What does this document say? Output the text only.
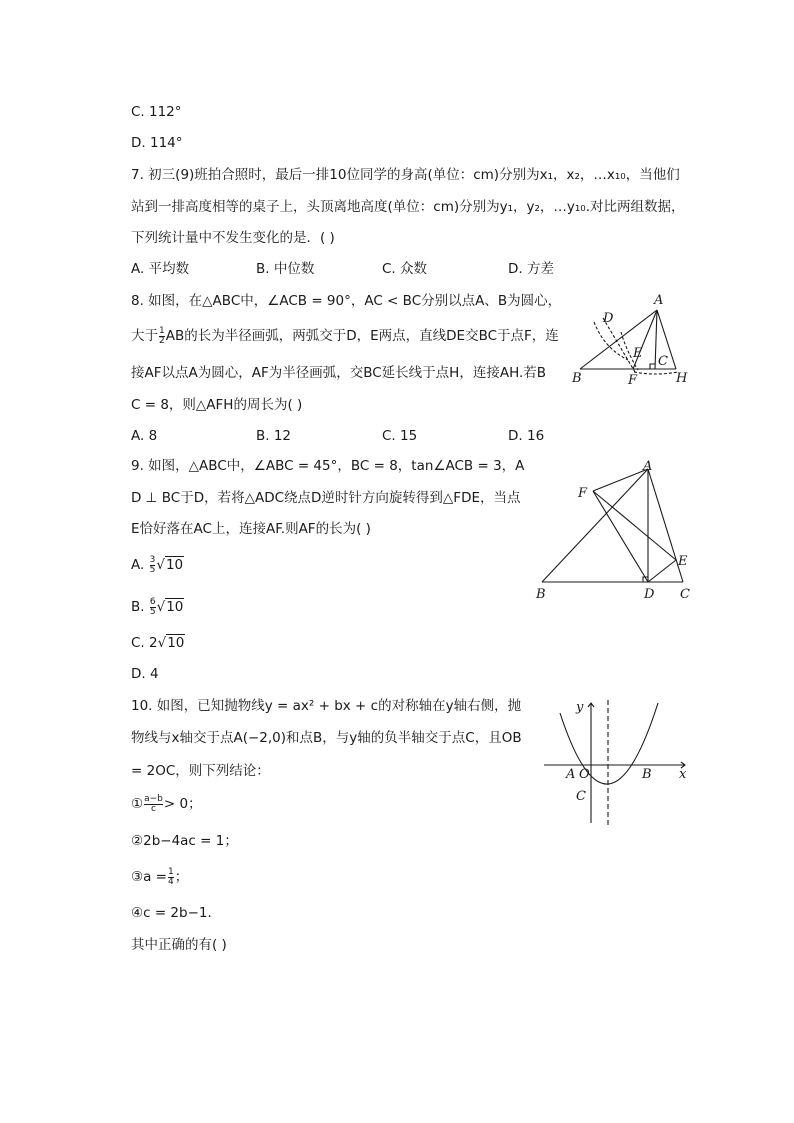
C. 112°
D. 114°
7. 初三(9)班拍合照时，最后一排10位同学的身高(单位：cm)分别为x₁，x₂，…x₁₀，当他们
站到一排高度相等的桌子上，头顶离地高度(单位：cm)分别为y₁，y₂，…y₁₀.对比两组数据，
下列统计量中不发生变化的是．( )
A. 平均数	B. 中位数	C. 众数	D. 方差
8. 如图，在△ABC中，∠ACB = 90°，AC < BC分别以点A、B为圆心，
大于 $\frac{1}{2}$ AB的长为半径画弧，两弧交于D，E两点，直线DE交BC于点F，连
接AF以点A为圆心，AF为半径画弧，交BC延长线于点H，连接AH.若B
C = 8，则△AFH的周长为( )
A. 8	B. 12	C. 15	D. 16
A
D
E
C
B	F	H
9. 如图，△ABC中，∠ABC = 45°，BC = 8，tan∠ACB = 3，A
D ⊥ BC于D，若将△ADC绕点D逆时针方向旋转得到△FDE，当点
E恰好落在AC上，连接AF.则AF的长为( )
A. $\frac{3}{5} √10$
B. $\frac{6}{5} √10$
C. 2√10
D. 4
A
F
E
B	D C
10. 如图，已知抛物线y = ax² + bx + c的对称轴在y轴右侧，抛
物线与x轴交于点A(−2,0)和点B，与y轴的负半轴交于点C，且OB
= 2OC，则下列结论：
① $\frac{a-b}{c} > 0$；
②2b−4ac = 1；
③a = $\frac{1}{4}$ ；
④c = 2b−1.
其中正确的有( )
y
A O	B x
C
